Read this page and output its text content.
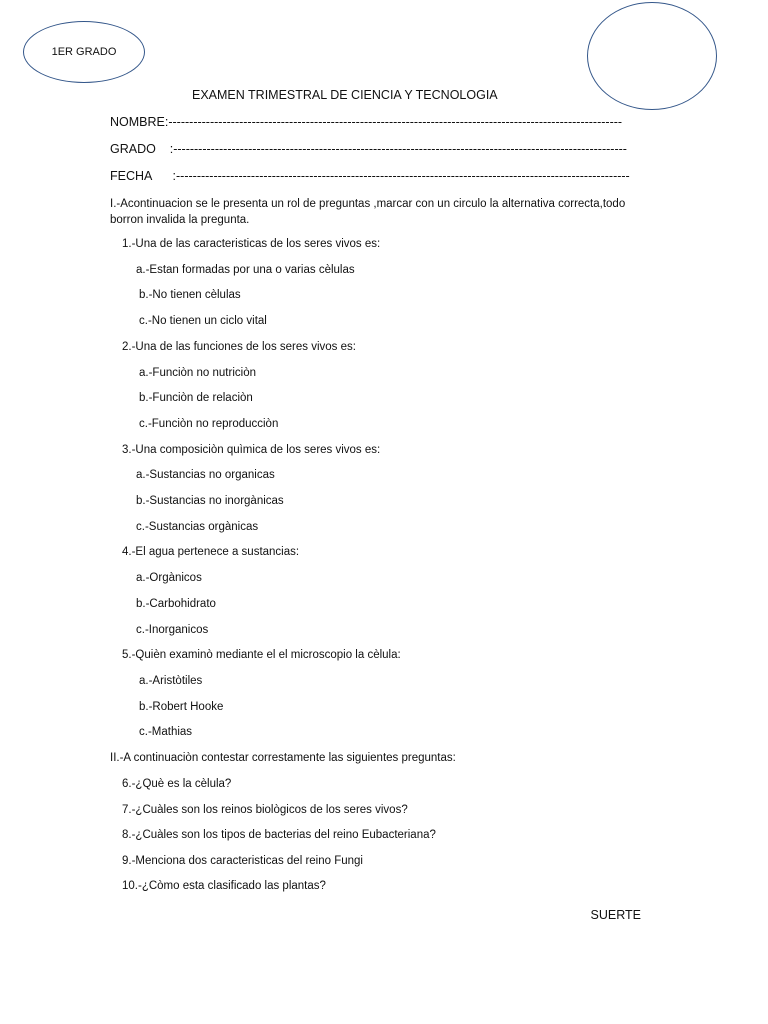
1ER GRADO
EXAMEN TRIMESTRAL DE CIENCIA Y TECNOLOGIA
NOMBRE:-------------------------------------------------------------------------------------------------------------
GRADO    :-------------------------------------------------------------------------------------------------------------
FECHA      :-------------------------------------------------------------------------------------------------------------
I.-Acontinuacion se le presenta un rol de preguntas ,marcar con un circulo la alternativa correcta,todo borron invalida la pregunta.
1.-Una de las caracteristicas de los seres vivos es:
a.-Estan formadas por una o varias cèlulas
b.-No tienen cèlulas
c.-No tienen un ciclo vital
2.-Una de las funciones de los seres vivos es:
a.-Funciòn no nutriciòn
b.-Funciòn de relaciòn
c.-Funciòn no reproducciòn
3.-Una composiciòn quìmica de los seres vivos es:
a.-Sustancias no organicas
b.-Sustancias no inorgànicas
c.-Sustancias orgànicas
4.-El agua pertenece a sustancias:
a.-Orgànicos
b.-Carbohidrato
c.-Inorganicos
5.-Quièn examinò mediante el el microscopio la cèlula:
a.-Aristòtiles
b.-Robert Hooke
c.-Mathias
II.-A continuaciòn contestar correstamente las siguientes preguntas:
6.-¿Què es la cèlula?
7.-¿Cuàles son los reinos biològicos de los seres vivos?
8.-¿Cuàles son los tipos de bacterias del reino Eubacteriana?
9.-Menciona dos caracteristicas del reino Fungi
10.-¿Còmo esta clasificado las plantas?
SUERTE
